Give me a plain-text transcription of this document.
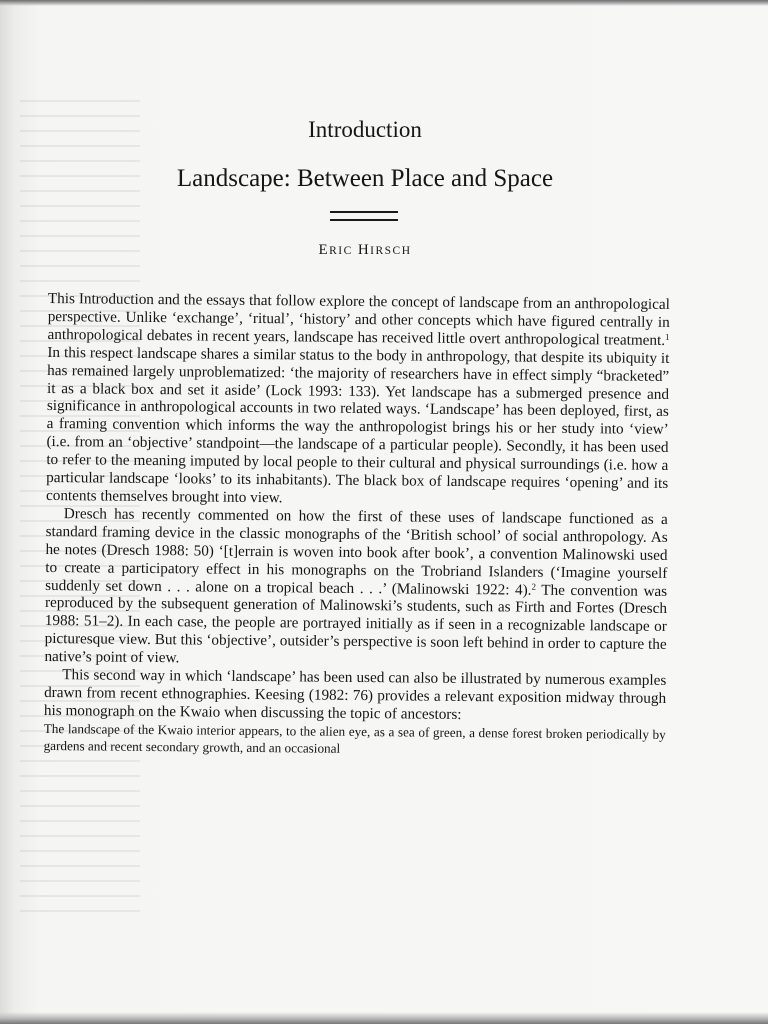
Introduction
Landscape: Between Place and Space
ERIC HIRSCH

This Introduction and the essays that follow explore the concept of landscape from an anthropological perspective. Unlike ‘exchange’, ‘ritual’, ‘history’ and other concepts which have figured centrally in anthropological debates in recent years, landscape has received little overt anthropological treatment.$^1$ In this respect landscape shares a similar status to the body in anthropology, that despite its ubiquity it has remained largely unproblematized: ‘the majority of researchers have in effect simply “bracketed” it as a black box and set it aside’ (Lock 1993: 133). Yet landscape has a submerged presence and significance in anthropological accounts in two related ways. ‘Landscape’ has been deployed, first, as a framing convention which informs the way the anthropologist brings his or her study into ‘view’ (i.e. from an ‘objective’ standpoint—the landscape of a particular people). Secondly, it has been used to refer to the meaning imputed by local people to their cultural and physical surroundings (i.e. how a particular landscape ‘looks’ to its inhabitants). The black box of landscape requires ‘opening’ and its contents themselves brought into view.

Dresch has recently commented on how the first of these uses of landscape functioned as a standard framing device in the classic monographs of the ‘British school’ of social anthropology. As he notes (Dresch 1988: 50) ‘[t]errain is woven into book after book’, a convention Malinowski used to create a participatory effect in his monographs on the Trobriand Islanders (‘Imagine yourself suddenly set down . . . alone on a tropical beach . . .’ (Malinowski 1922: 4).$^2$ The convention was reproduced by the subsequent generation of Malinowski’s students, such as Firth and Fortes (Dresch 1988: 51–2). In each case, the people are portrayed initially as if seen in a recognizable landscape or picturesque view. But this ‘objective’, outsider’s perspective is soon left behind in order to capture the native’s point of view.

This second way in which ‘landscape’ has been used can also be illustrated by numerous examples drawn from recent ethnographies. Keesing (1982: 76) provides a relevant exposition midway through his monograph on the Kwaio when discussing the topic of ancestors:

The landscape of the Kwaio interior appears, to the alien eye, as a sea of green, a dense forest broken periodically by gardens and recent secondary growth, and an occasional
